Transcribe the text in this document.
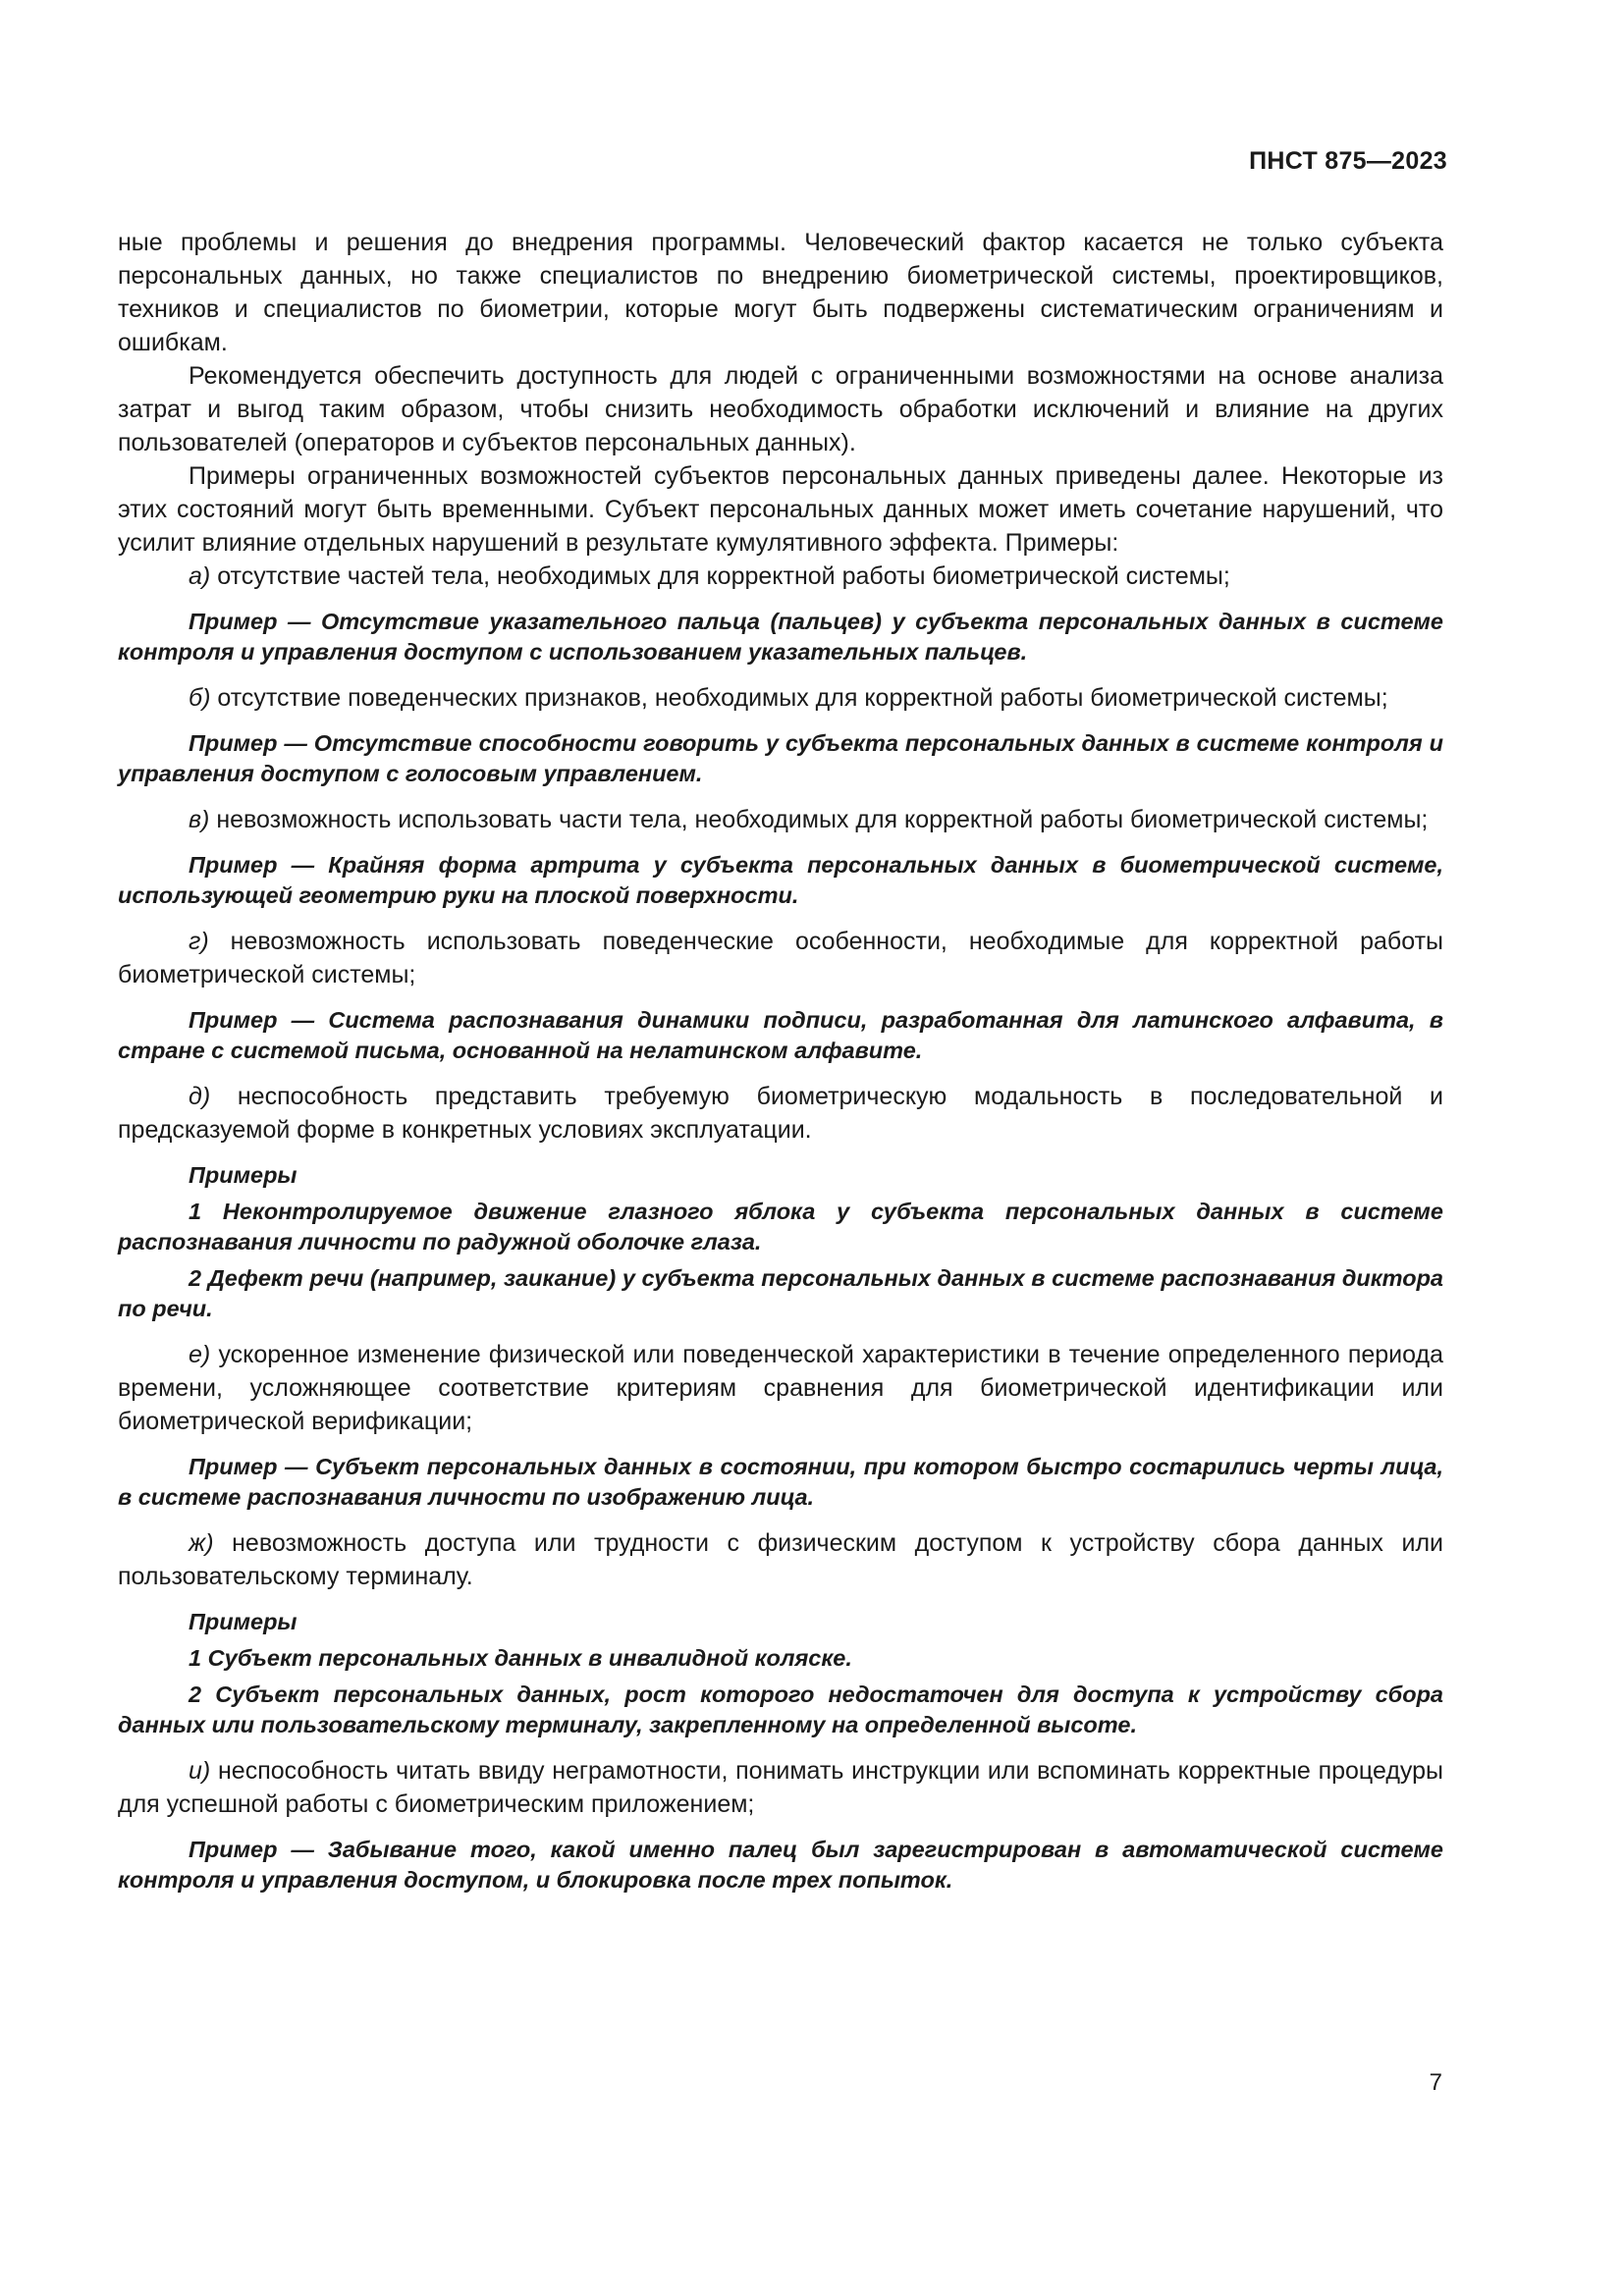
ПНСТ 875—2023

ные проблемы и решения до внедрения программы. Человеческий фактор касается не только субъекта персональных данных, но также специалистов по внедрению биометрической системы, проектировщиков, техников и специалистов по биометрии, которые могут быть подвержены систематическим ограничениям и ошибкам.

Рекомендуется обеспечить доступность для людей с ограниченными возможностями на основе анализа затрат и выгод таким образом, чтобы снизить необходимость обработки исключений и влияние на других пользователей (операторов и субъектов персональных данных).

Примеры ограниченных возможностей субъектов персональных данных приведены далее. Некоторые из этих состояний могут быть временными. Субъект персональных данных может иметь сочетание нарушений, что усилит влияние отдельных нарушений в результате кумулятивного эффекта. Примеры:

а) отсутствие частей тела, необходимых для корректной работы биометрической системы;

Пример — Отсутствие указательного пальца (пальцев) у субъекта персональных данных в системе контроля и управления доступом с использованием указательных пальцев.

б) отсутствие поведенческих признаков, необходимых для корректной работы биометрической системы;

Пример — Отсутствие способности говорить у субъекта персональных данных в системе контроля и управления доступом с голосовым управлением.

в) невозможность использовать части тела, необходимых для корректной работы биометрической системы;

Пример — Крайняя форма артрита у субъекта персональных данных в биометрической системе, использующей геометрию руки на плоской поверхности.

г) невозможность использовать поведенческие особенности, необходимые для корректной работы биометрической системы;

Пример — Система распознавания динамики подписи, разработанная для латинского алфавита, в стране с системой письма, основанной на нелатинском алфавите.

д) неспособность представить требуемую биометрическую модальность в последовательной и предсказуемой форме в конкретных условиях эксплуатации.

Примеры

1 Неконтролируемое движение глазного яблока у субъекта персональных данных в системе распознавания личности по радужной оболочке глаза.

2 Дефект речи (например, заикание) у субъекта персональных данных в системе распознавания диктора по речи.

е) ускоренное изменение физической или поведенческой характеристики в течение определенного периода времени, усложняющее соответствие критериям сравнения для биометрической идентификации или биометрической верификации;

Пример — Субъект персональных данных в состоянии, при котором быстро состарились черты лица, в системе распознавания личности по изображению лица.

ж) невозможность доступа или трудности с физическим доступом к устройству сбора данных или пользовательскому терминалу.

Примеры

1 Субъект персональных данных в инвалидной коляске.

2 Субъект персональных данных, рост которого недостаточен для доступа к устройству сбора данных или пользовательскому терминалу, закрепленному на определенной высоте.

и) неспособность читать ввиду неграмотности, понимать инструкции или вспоминать корректные процедуры для успешной работы с биометрическим приложением;

Пример — Забывание того, какой именно палец был зарегистрирован в автоматической системе контроля и управления доступом, и блокировка после трех попыток.

7
